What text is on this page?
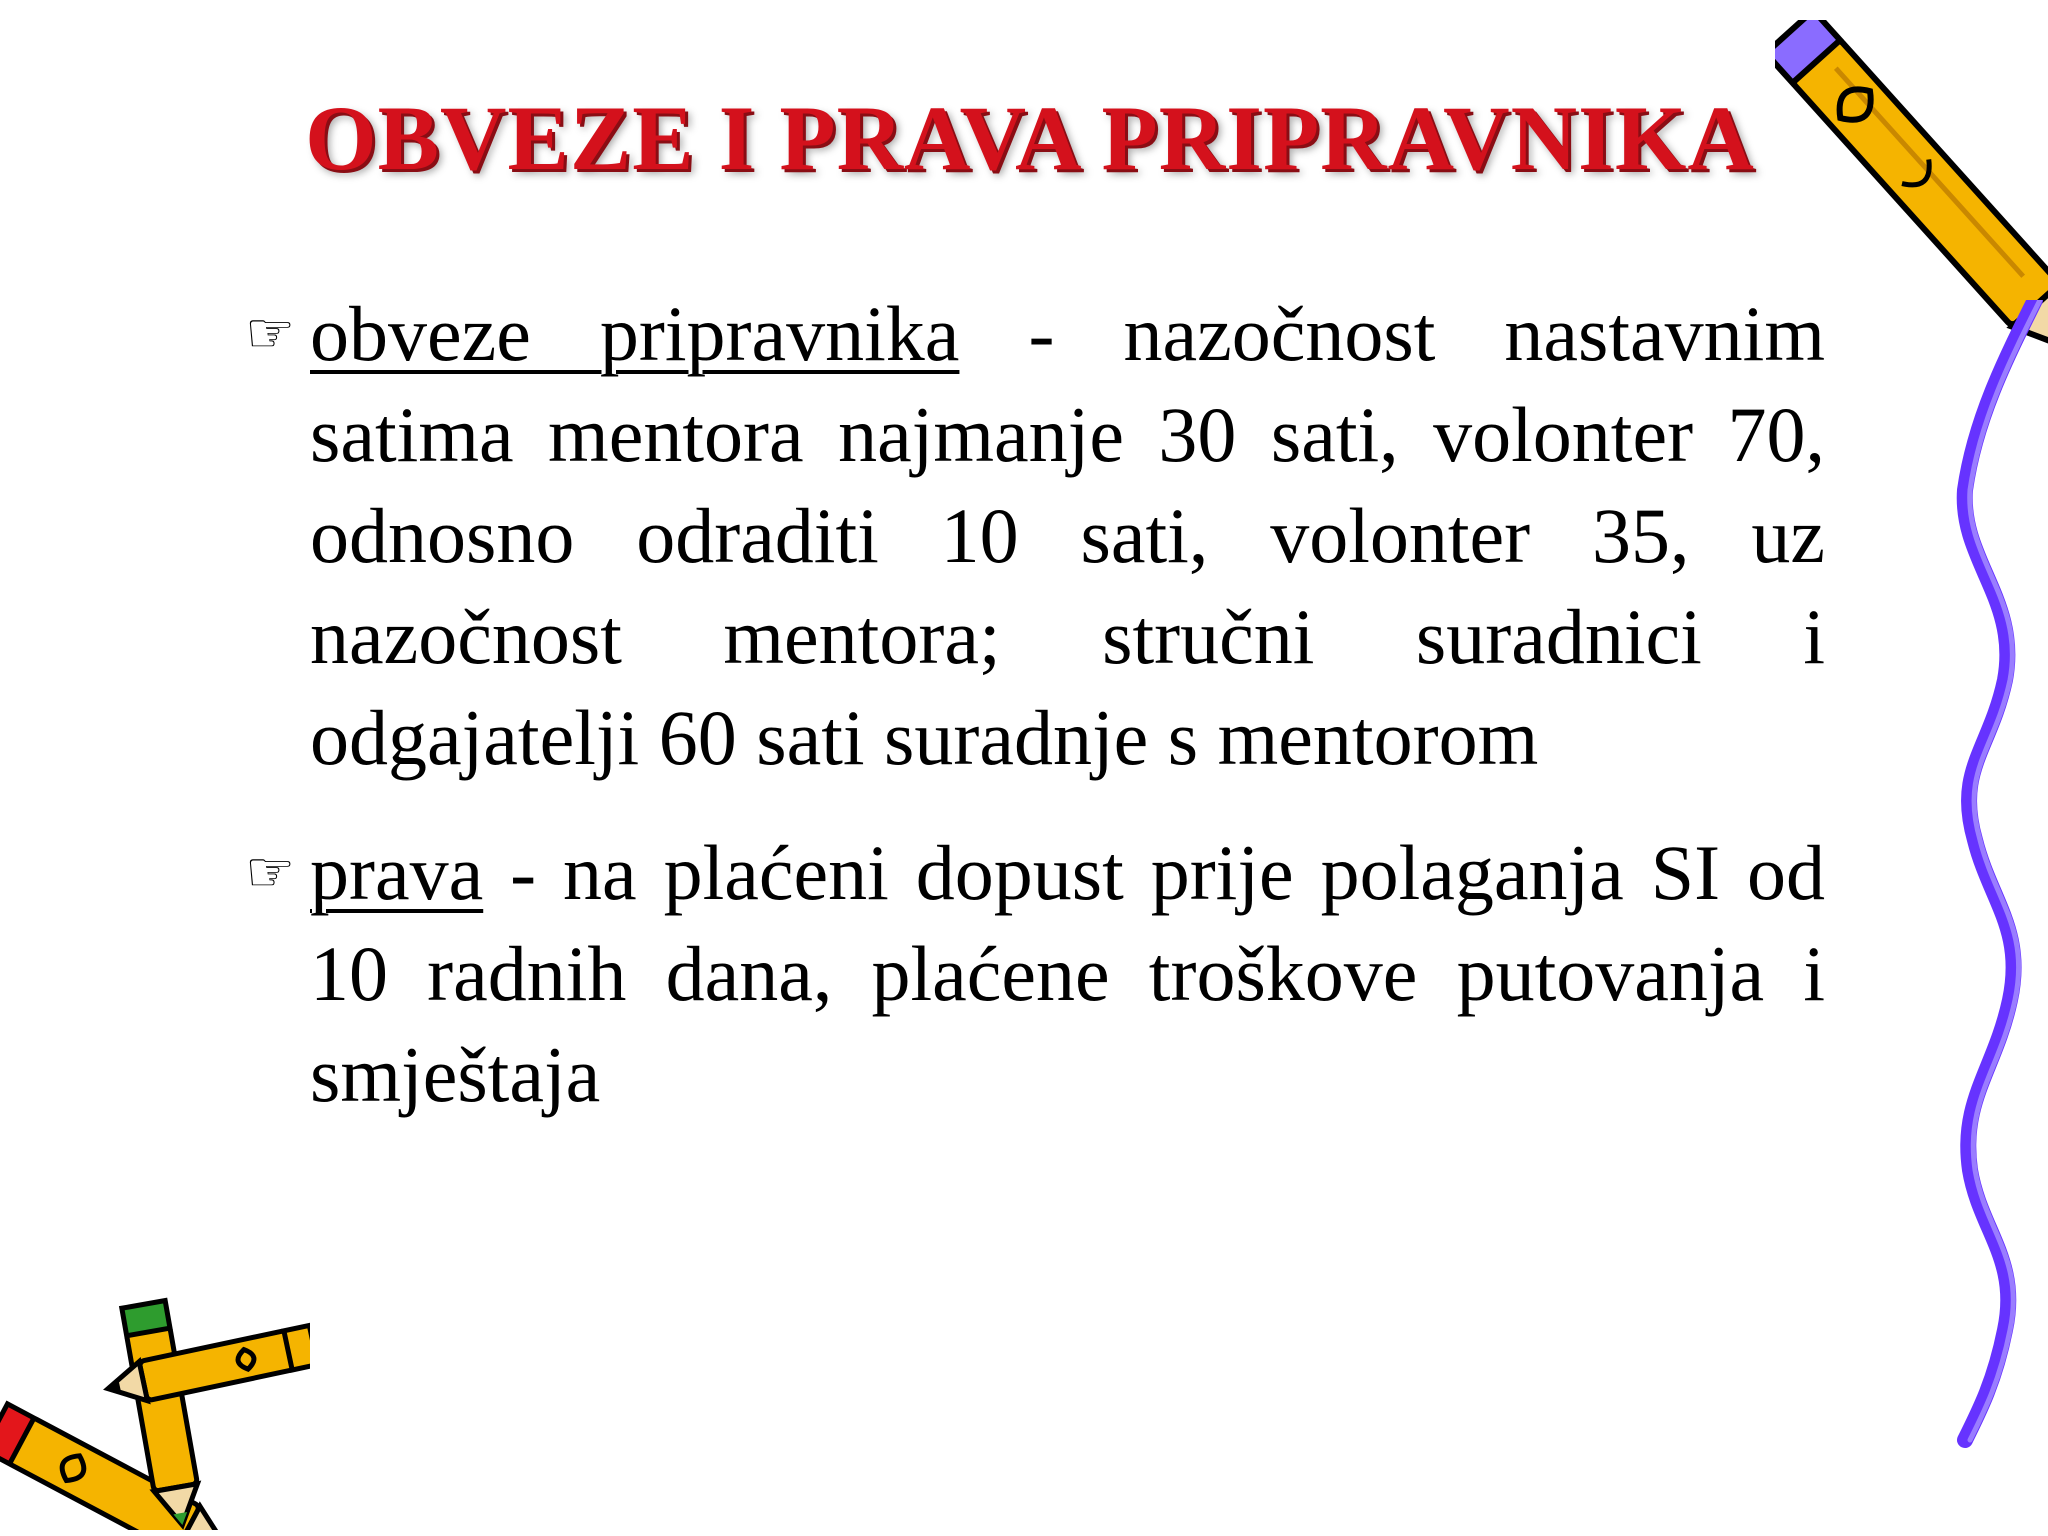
OBVEZE I PRAVA PRIPRAVNIKA
☞ obveze pripravnika - nazočnost nastavnim satima mentora najmanje 30 sati, volonter 70, odnosno odraditi 10 sati, volonter 35, uz nazočnost mentora; stručni suradnici i odgajatelji 60 sati suradnje s mentorom
☞ prava - na plaćeni dopust prije polaganja SI od 10 radnih dana, plaćene troškove putovanja i smještaja
